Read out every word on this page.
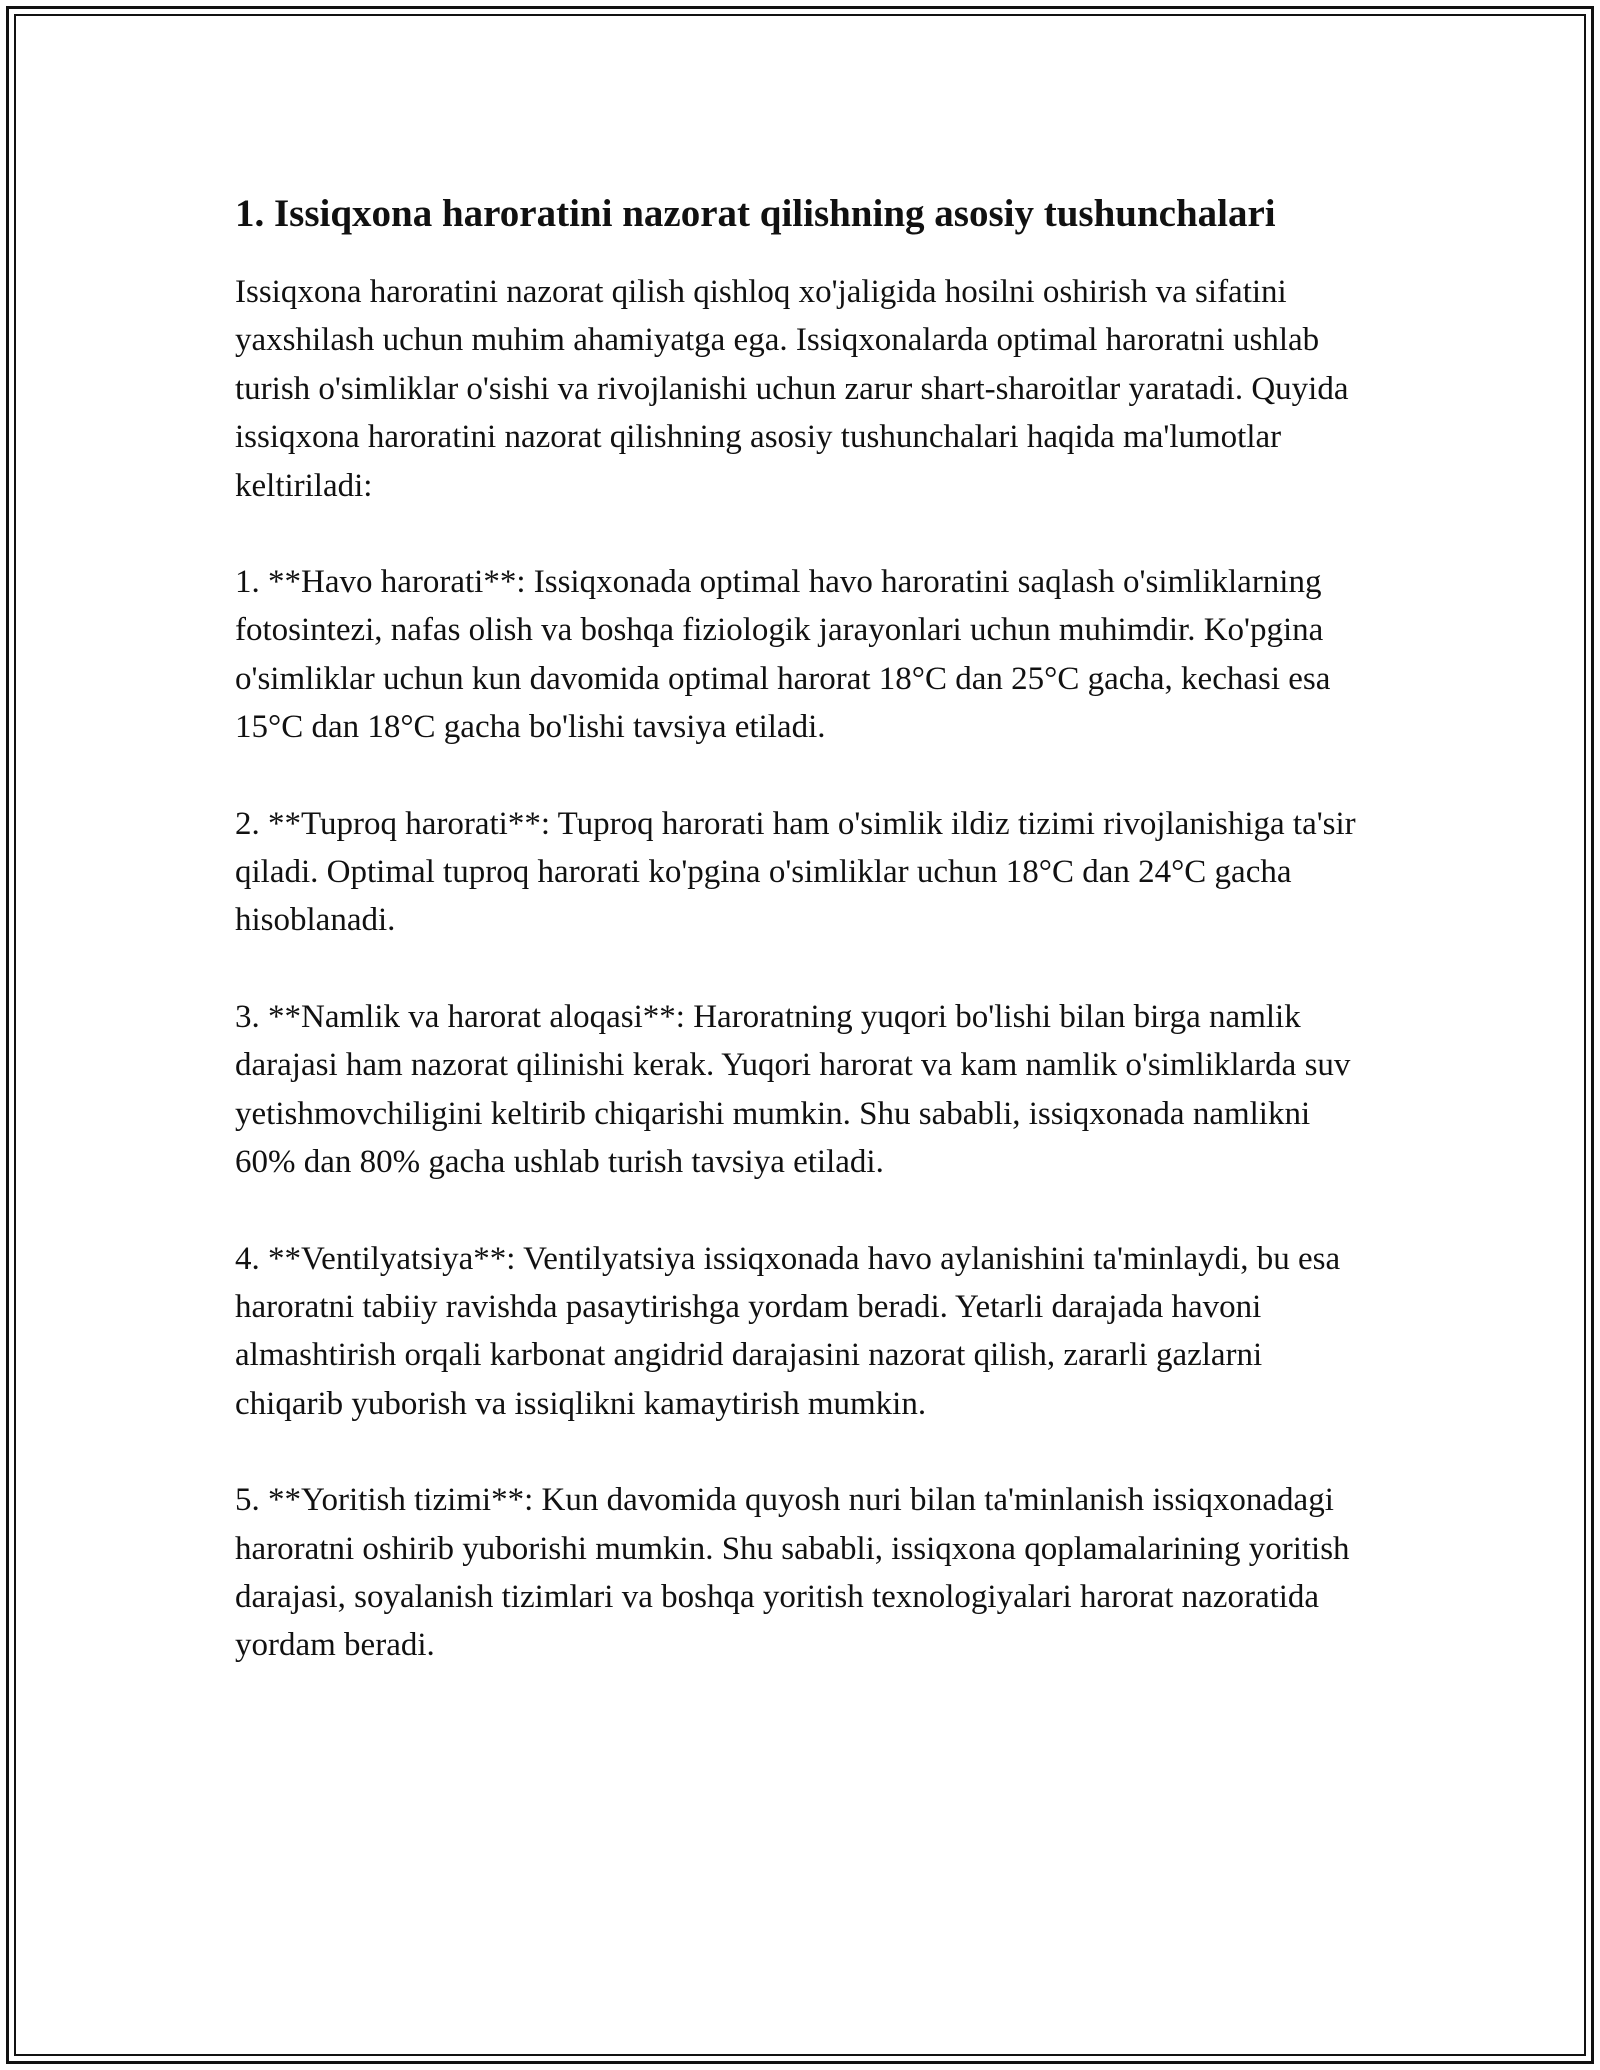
1. Issiqxona haroratini nazorat qilishning asosiy tushunchalari

Issiqxona haroratini nazorat qilish qishloq xo'jaligida hosilni oshirish va sifatini yaxshilash uchun muhim ahamiyatga ega. Issiqxonalarda optimal haroratni ushlab turish o'simliklar o'sishi va rivojlanishi uchun zarur shart-sharoitlar yaratadi. Quyida issiqxona haroratini nazorat qilishning asosiy tushunchalari haqida ma'lumotlar keltiriladi:

1. **Havo harorati**: Issiqxonada optimal havo haroratini saqlash o'simliklarning fotosintezi, nafas olish va boshqa fiziologik jarayonlari uchun muhimdir. Ko'pgina o'simliklar uchun kun davomida optimal harorat 18°C dan 25°C gacha, kechasi esa 15°C dan 18°C gacha bo'lishi tavsiya etiladi.

2. **Tuproq harorati**: Tuproq harorati ham o'simlik ildiz tizimi rivojlanishiga ta'sir qiladi. Optimal tuproq harorati ko'pgina o'simliklar uchun 18°C dan 24°C gacha hisoblanadi.

3. **Namlik va harorat aloqasi**: Haroratning yuqori bo'lishi bilan birga namlik darajasi ham nazorat qilinishi kerak. Yuqori harorat va kam namlik o'simliklarda suv yetishmovchiligini keltirib chiqarishi mumkin. Shu sababli, issiqxonada namlikni 60% dan 80% gacha ushlab turish tavsiya etiladi.

4. **Ventilyatsiya**: Ventilyatsiya issiqxonada havo aylanishini ta'minlaydi, bu esa haroratni tabiiy ravishda pasaytirishga yordam beradi. Yetarli darajada havoni almashtirish orqali karbonat angidrid darajasini nazorat qilish, zararli gazlarni chiqarib yuborish va issiqlikni kamaytirish mumkin.

5. **Yoritish tizimi**: Kun davomida quyosh nuri bilan ta'minlanish issiqxonadagi haroratni oshirib yuborishi mumkin. Shu sababli, issiqxona qoplamalarining yoritish darajasi, soyalanish tizimlari va boshqa yoritish texnologiyalari harorat nazoratida yordam beradi.
